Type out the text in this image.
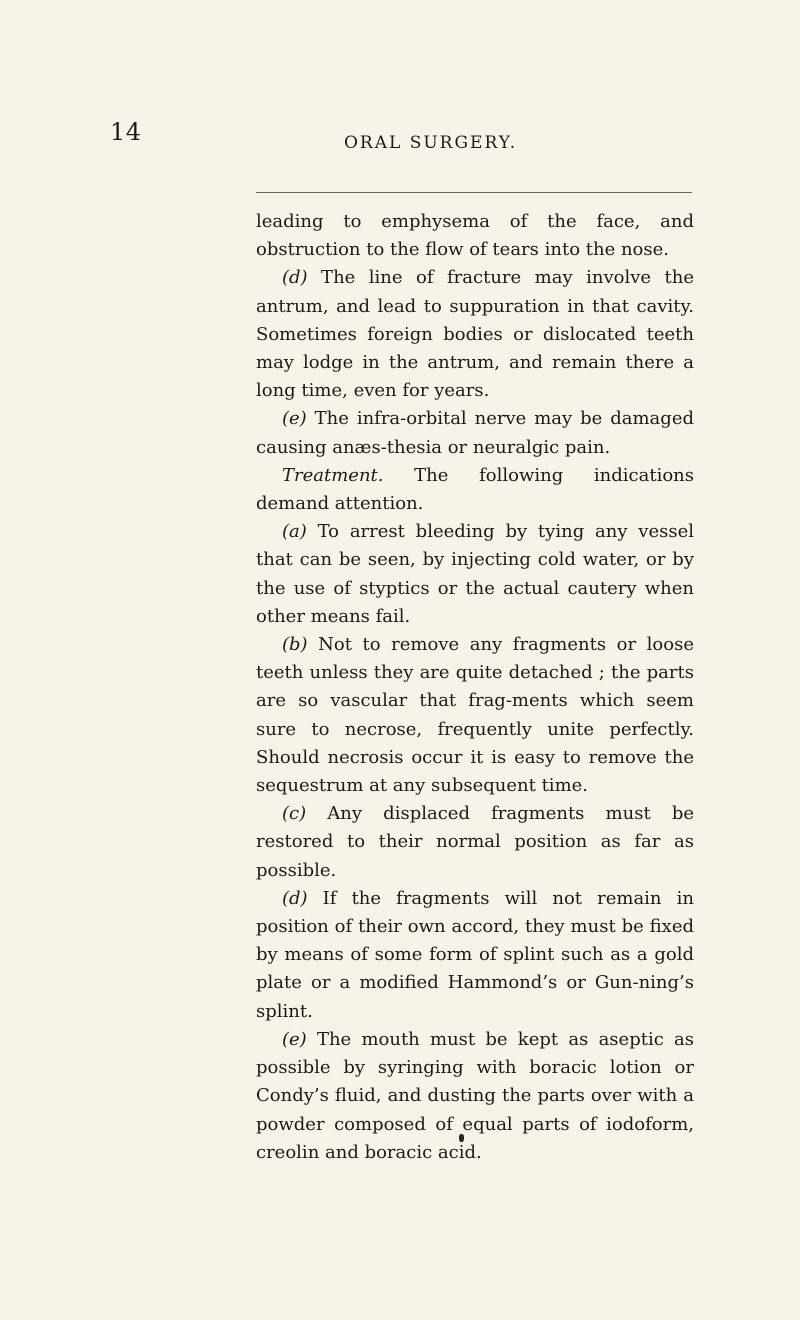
14	ORAL SURGERY.

leading to emphysema of the face, and obstruction to the flow of tears into the nose.

(d) The line of fracture may involve the antrum, and lead to suppuration in that cavity. Sometimes foreign bodies or dislocated teeth may lodge in the antrum, and remain there a long time, even for years.

(e) The infra-orbital nerve may be damaged causing anæs-thesia or neuralgic pain.

Treatment. The following indications demand attention.

(a) To arrest bleeding by tying any vessel that can be seen, by injecting cold water, or by the use of styptics or the actual cautery when other means fail.

(b) Not to remove any fragments or loose teeth unless they are quite detached ; the parts are so vascular that frag-ments which seem sure to necrose, frequently unite perfectly. Should necrosis occur it is easy to remove the sequestrum at any subsequent time.

(c) Any displaced fragments must be restored to their normal position as far as possible.

(d) If the fragments will not remain in position of their own accord, they must be fixed by means of some form of splint such as a gold plate or a modified Hammond’s or Gun-ning’s splint.

(e) The mouth must be kept as aseptic as possible by syringing with boracic lotion or Condy’s fluid, and dusting the parts over with a powder composed of equal parts of iodoform, creolin and boracic acid.
